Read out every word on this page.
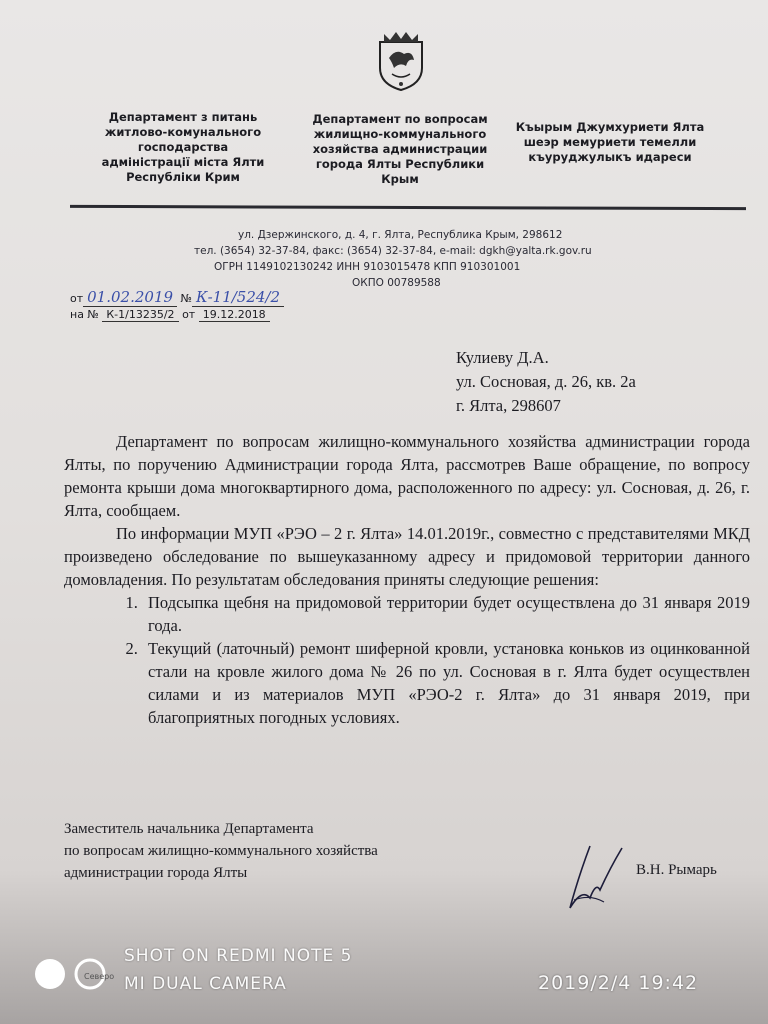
Департамент з питань
житлово-комунального
господарства
адміністрації міста Ялти
Республіки Крим
Департамент по вопросам
жилищно-коммунального
хозяйства администрации
города Ялты Республики
Крым
Къырым Джумхуриети Ялта
шеэр мемуриети темелли
къуруджулыкъ идареси
ул. Дзержинского, д. 4, г. Ялта, Республика Крым, 298612
тел. (3654) 32-37-84, факс: (3654) 32-37-84, e-mail: dgkh@yalta.rk.gov.ru
ОГРН 1149102130242 ИНН 9103015478 КПП 910301001
ОКПО 00789588
от 01.02.2019 № К-11/524/2
на № К-1/13235/2 от 19.12.2018
Кулиеву Д.А.
ул. Сосновая, д. 26, кв. 2а
г. Ялта, 298607

Департамент по вопросам жилищно-коммунального хозяйства администрации города Ялты, по поручению Администрации города Ялта, рассмотрев Ваше обращение, по вопросу ремонта крыши дома многоквартирного дома, расположенного по адресу: ул. Сосновая, д. 26, г. Ялта, сообщаем.

По информации МУП «РЭО – 2 г. Ялта» 14.01.2019г., совместно с представителями МКД произведено обследование по вышеуказанному адресу и придомовой территории данного домовладения. По результатам обследования приняты следующие решения:

1. Подсыпка щебня на придомовой территории будет осуществлена до 31 января 2019 года.
2. Текущий (латочный) ремонт шиферной кровли, установка коньков из оцинкованной стали на кровле жилого дома № 26 по ул. Сосновая в г. Ялта будет осуществлен силами и из материалов МУП «РЭО-2 г. Ялта» до 31 января 2019, при благоприятных погодных условиях.
Заместитель начальника Департамента
по вопросам жилищно-коммунального хозяйства
администрации города Ялты	В.Н. Рымарь
Северо
SHOT ON REDMI NOTE 5
MI DUAL CAMERA	2019/2/4 19:42
